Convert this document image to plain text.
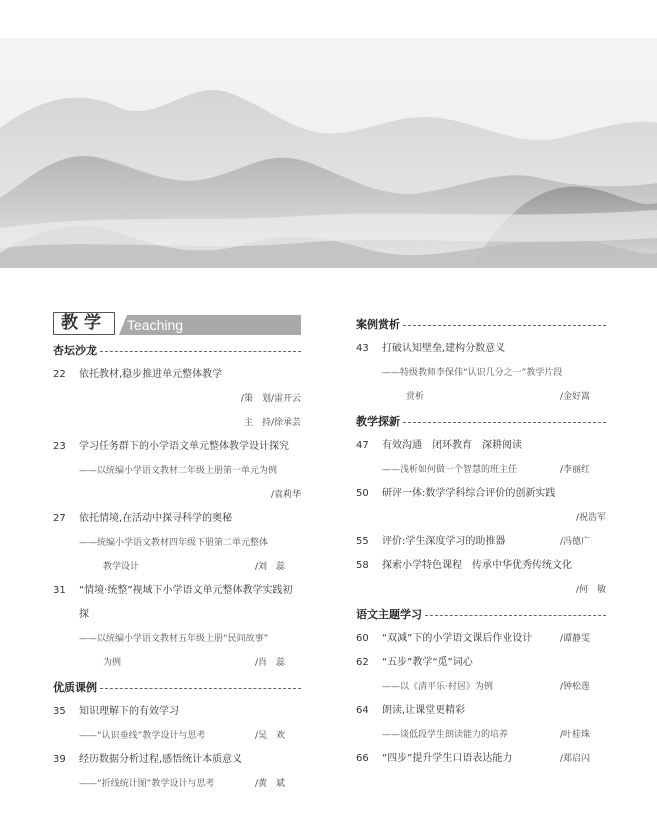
教学	Teaching
杏坛沙龙
22	依托教材,稳步推进单元整体教学
/策　划/雷开云
主　持/徐承芸
23	学习任务群下的小学语文单元整体教学设计探究
——以统编小学语文教材二年级上册第一单元为例
/袁莉华
27	依托情境,在活动中探寻科学的奥秘
——统编小学语文教材四年级下册第二单元整体
教学设计	/刘　蕊
31	“情境·统整”视域下小学语文单元整体教学实践初探
——以统编小学语文教材五年级上册“民间故事”
为例	/肖　蕊
优质课例
35	知识理解下的有效学习
——“认识垂线”教学设计与思考	/吴　欢
39	经历数据分析过程,感悟统计本质意义
——“折线统计图”教学设计与思考	/黄　斌
案例赏析
43	打破认知壁垒,建构分数意义
——特级教师李保伟“认识几分之一”教学片段
赏析	/金好嵩
教学探新
47	有效沟通　闭环教育　深耕阅读
——浅析如何做一个智慧的班主任	/李丽红
50	研评一体:数学学科综合评价的创新实践
/祝浩军
55	评价:学生深度学习的助推器	/冯德广
58	探索小学特色课程　传承中华优秀传统文化
/何　敏
语文主题学习
60	“双减”下的小学语文课后作业设计	/谭静雯
62	“五步”教学“觅”词心
——以《清平乐·村居》为例	/钟松莲
64	朗读,让课堂更精彩
——谈低段学生朗读能力的培养	/叶桂珠
66	“四步”提升学生口语表达能力	/郑启闪
